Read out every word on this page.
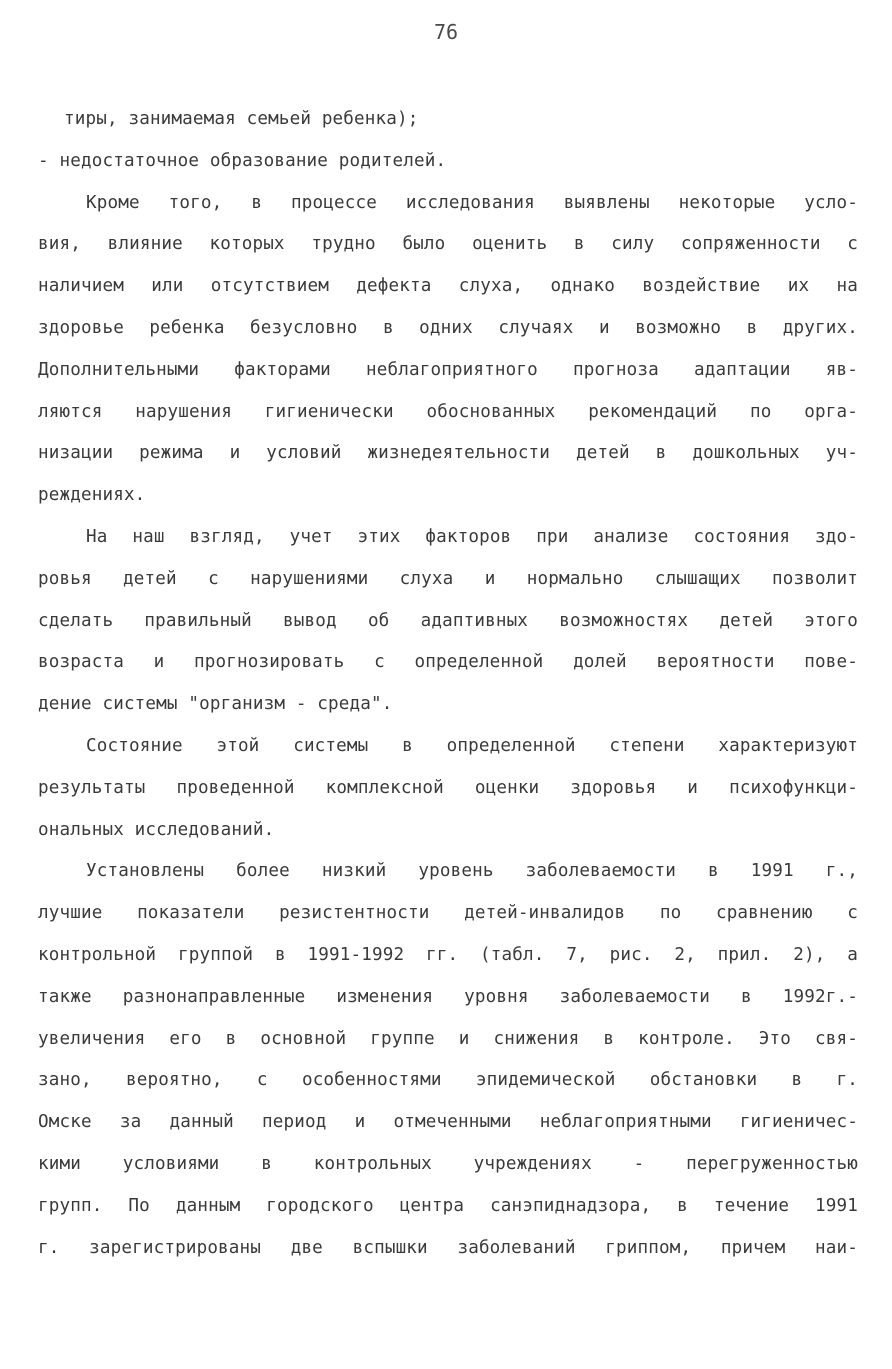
76
тиры, занимаемая семьей ребенка);
- недостаточное образование родителей.
Кроме того, в процессе исследования выявлены некоторые усло-
вия, влияние которых трудно было оценить в силу сопряженности с
наличием или отсутствием дефекта слуха, однако воздействие их на
здоровье ребенка безусловно в одних случаях и возможно в других.
Дополнительными факторами неблагоприятного прогноза адаптации яв-
ляются нарушения гигиенически обоснованных рекомендаций по орга-
низации режима и условий жизнедеятельности детей в дошкольных уч-
реждениях.
На наш взгляд, учет этих факторов при анализе состояния здо-
ровья детей с нарушениями слуха и нормально слышащих позволит
сделать правильный вывод об адаптивных возможностях детей этого
возраста и прогнозировать с определенной долей вероятности пове-
дение системы "организм - среда".
Состояние этой системы в определенной степени характеризуют
результаты проведенной комплексной оценки здоровья и психофункци-
ональных исследований.
Установлены более низкий уровень заболеваемости в 1991 г.,
лучшие показатели резистентности детей-инвалидов по сравнению с
контрольной группой в 1991-1992 гг. (табл. 7, рис. 2, прил. 2), а
также разнонаправленные изменения уровня заболеваемости в 1992г.-
увеличения его в основной группе и снижения в контроле. Это свя-
зано, вероятно, с особенностями эпидемической обстановки в г.
Омске за данный период и отмеченными неблагоприятными гигиеничес-
кими условиями в контрольных учреждениях - перегруженностью
групп. По данным городского центра санэпиднадзора, в течение 1991
г. зарегистрированы две вспышки заболеваний гриппом, причем наи-
